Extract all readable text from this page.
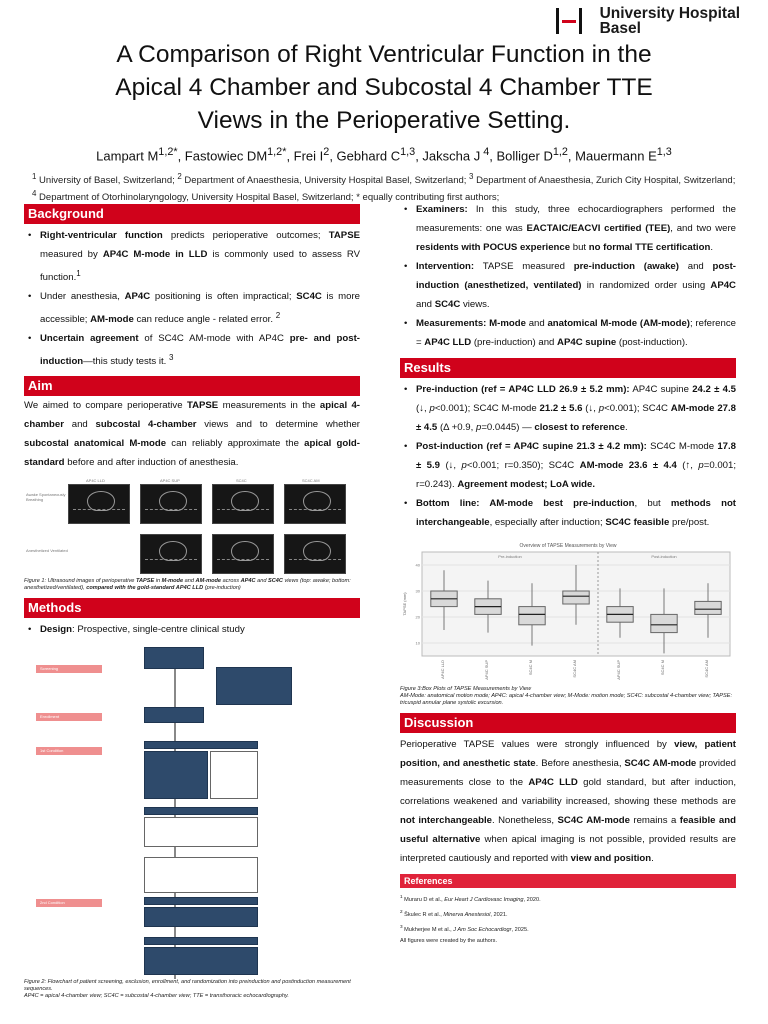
University Hospital
Basel
A Comparison of Right Ventricular Function in the
Apical 4 Chamber and Subcostal 4 Chamber TTE
Views in the Perioperative Setting.
Lampart $M^{1,2*}$, Fastowiec $DM^{1,2*}$, Frei $I^2$, Gebhard C$^{1,3}$, Jakscha J $^4$, Bolliger D$^{1,2}$, Mauermann E$^{1,3}$
$^1$ University of Basel, Switzerland; $^2$ Department of Anaesthesia, University Hospital Basel, Switzerland; $^3$ Department of Anaesthesia, Zurich City Hospital, Switzerland; $^4$ Department of Otorhinolaryngology, University Hospital Basel, Switzerland; * equally contributing first authors;
Background
• Right-ventricular function predicts perioperative outcomes; TAPSE measured by AP4C M-mode in LLD is commonly used to assess RV function.$^1$
• Under anesthesia, AP4C positioning is often impractical; SC4C is more accessible; AM-mode can reduce angle - related error. $^2$
• Uncertain agreement of SC4C AM-mode with AP4C pre- and post-induction—this study tests it. $^3$
Aim
We aimed to compare perioperative TAPSE measurements in the apical 4-chamber and subcostal 4-chamber views and to determine whether subcostal anatomical M-mode can reliably approximate the apical gold-standard before and after induction of anesthesia.
AP4C LLD	AP4C SUP	SC4C	SC4C AM
Awake Spontaneously Breathing
Anesthetized Ventilated
Figure 1: Ultrasound images of perioperative TAPSE in M-mode and AM-mode across AP4C and SC4C views (top: awake; bottom: anesthetized/ventilated), compared with the gold-standard AP4C LLD (pre-induction)
Methods
• Design: Prospective, single-centre clinical study
Screening
Enrollment
1st Condition
2nd Condition
Figure 2: Flowchart of patient screening, exclusion, enrollment, and randomization into preinduction and postinduction measurement sequences.
AP4C = apical 4-chamber view; SC4C = subcostal 4-chamber view; TTE = transthoracic echocardiography.
• Examiners: In this study, three echocardiographers performed the measurements: one was EACTAIC/EACVI certified (TEE), and two were residents with POCUS experience but no formal TTE certification.
• Intervention: TAPSE measured pre-induction (awake) and post-induction (anesthetized, ventilated) in randomized order using AP4C and SC4C views.
• Measurements: M-mode and anatomical M-mode (AM-mode); reference = AP4C LLD (pre-induction) and AP4C supine (post-induction).
Results
• Pre-induction (ref = AP4C LLD 26.9 ± 5.2 mm): AP4C supine 24.2 ± 4.5 (↓, p<0.001); SC4C M-mode 21.2 ± 5.6 (↓, p<0.001); SC4C AM-mode 27.8 ± 4.5 (Δ +0.9, p=0.0445) — closest to reference.
• Post-induction (ref = AP4C supine 21.3 ± 4.2 mm): SC4C M-mode 17.8 ± 5.9 (↓, p<0.001; r=0.350); SC4C AM-mode 23.6 ± 4.4 (↑, p=0.001; r=0.243). Agreement modest; LoA wide.
• Bottom line: AM-mode best pre-induction, but methods not interchangeable, especially after induction; SC4C feasible pre/post.
Overview of TAPSE Measurements by View
TAPSE (mm)
10
20
30
40
Pre-induction	Post-induction
AP4C LLD	AP4C SUP	SC4C M	SC4C AM	AP4C SUP	SC4C M	SC4C AM
Figure 3:Box Plots of TAPSE Measurements by View
AM-Mode: anatomical motion mode; AP4C: apical 4-chamber view; M-Mode: motion mode; SC4C: subcostal 4-chamber view; TAPSE: tricuspid annular plane systolic excursion.
Discussion
Perioperative TAPSE values were strongly influenced by view, patient position, and anesthetic state. Before anesthesia, SC4C AM-mode provided measurements close to the AP4C LLD gold standard, but after induction, correlations weakened and variability increased, showing these methods are not interchangeable. Nonetheless, SC4C AM-mode remains a feasible and useful alternative when apical imaging is not possible, provided results are interpreted cautiously and reported with view and position.
References
$^1$ Muraru D et al., Eur Heart J Cardiovasc Imaging, 2020.
$^2$ Škulec R et al., Minerva Anestesiol, 2021.
$^3$ Mukherjee M et al., J Am Soc Echocardiogr, 2025.
All figures were created by the authors.
